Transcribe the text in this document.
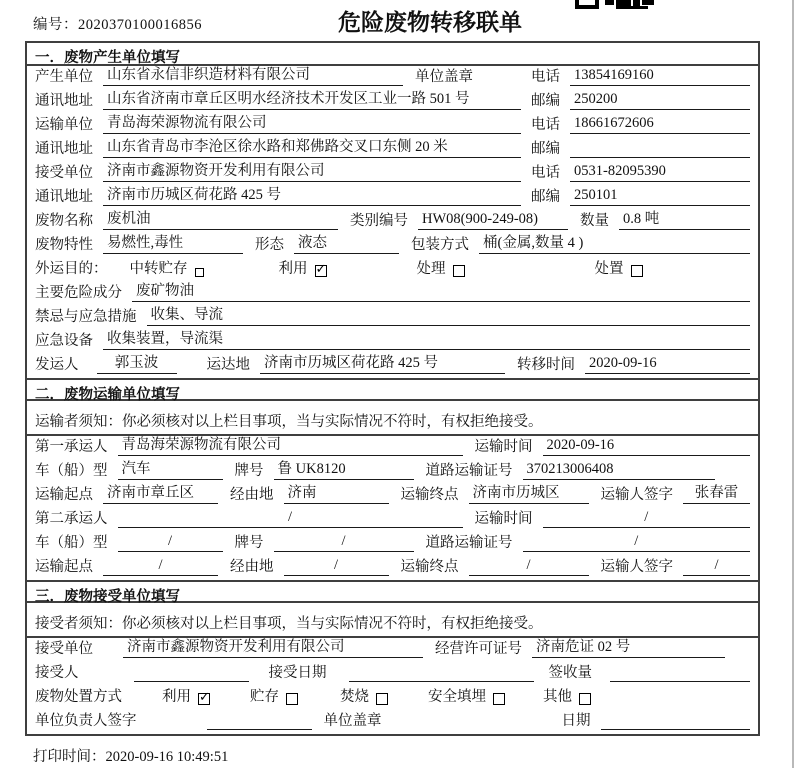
编号：2020370100016856	危险废物转移联单
一．废物产生单位填写
产生单位 山东省永信非织造材料有限公司	单位盖章	电话 13854169160
通讯地址 山东省济南市章丘区明水经济技术开发区工业一路 501 号	邮编 250200
运输单位 青岛海荣源物流有限公司	电话 18661672606
通讯地址 山东省青岛市李沧区徐水路和郑佛路交叉口东侧 20 米	邮编
接受单位 济南市鑫源物资开发利用有限公司	电话 0531-82095390
通讯地址 济南市历城区荷花路 425 号	邮编 250101
废物名称 废机油	类别编号 HW08(900-249-08)	数量 0.8 吨
废物特性 易燃性,毒性	形态 液态	包装方式 桶(金属,数量 4 )
外运目的： 中转贮存	利用 ✓	处理	处置
主要危险成分 废矿物油
禁忌与应急措施 收集、导流
应急设备 收集装置，导流渠
发运人	郭玉波	运达地 济南市历城区荷花路 425 号	转移时间 2020-09-16
二．废物运输单位填写
运输者须知：你必须核对以上栏目事项，当与实际情况不符时，有权拒绝接受。
第一承运人 青岛海荣源物流有限公司	运输时间 2020-09-16
车（船）型 汽车	牌号 鲁 UK8120	道路运输证号 370213006408
运输起点 济南市章丘区	经由地 济南	运输终点 济南市历城区	运输人签字	张春雷
第二承运人	/	运输时间	/
车（船）型	/	牌号	/	道路运输证号	/
运输起点	/	经由地	/	运输终点	/	运输人签字	/
三．废物接受单位填写
接受者须知：你必须核对以上栏目事项，当与实际情况不符时，有权拒绝接受。
接受单位 济南市鑫源物资开发利用有限公司	经营许可证号 济南危证 02 号
接受人	接受日期	签收量
废物处置方式	利用 ✓	贮存	焚烧	安全填埋	其他
单位负责人签字	单位盖章	日期
打印时间：2020-09-16 10:49:51
